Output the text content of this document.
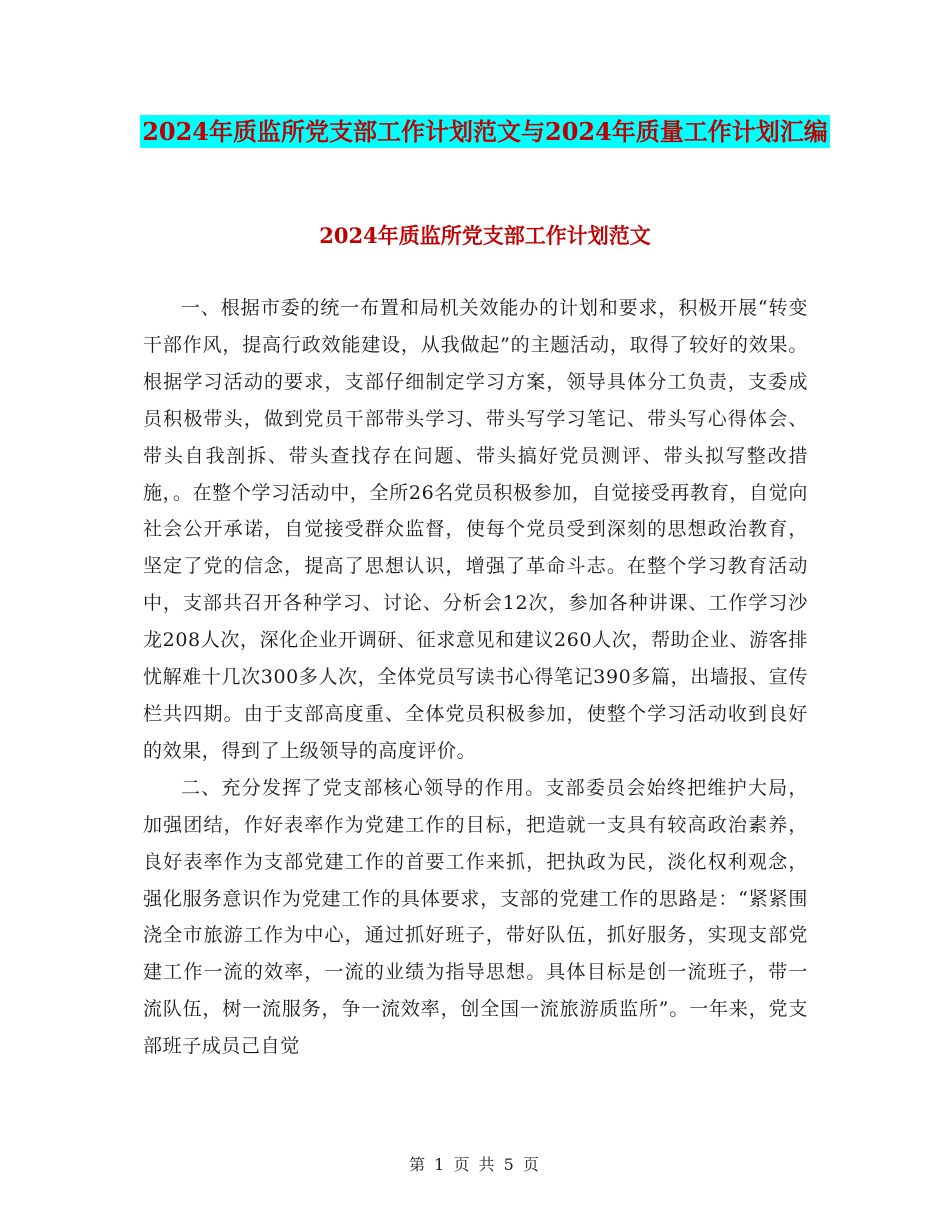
2024年质监所党支部工作计划范文与2024年质量工作计划汇编
2024年质监所党支部工作计划范文

一、根据市委的统一布置和局机关效能办的计划和要求，积极开展“转变干部作风，提高行政效能建设，从我做起”的主题活动，取得了较好的效果。根据学习活动的要求，支部仔细制定学习方案，领导具体分工负责，支委成员积极带头，做到党员干部带头学习、带头写学习笔记、带头写心得体会、带头自我剖拆、带头查找存在问题、带头搞好党员测评、带头拟写整改措施，。在整个学习活动中，全所26名党员积极参加，自觉接受再教育，自觉向社会公开承诺，自觉接受群众监督，使每个党员受到深刻的思想政治教育，坚定了党的信念，提高了思想认识，增强了革命斗志。在整个学习教育活动中，支部共召开各种学习、讨论、分析会12次，参加各种讲课、工作学习沙龙208人次，深化企业开调研、征求意见和建议260人次，帮助企业、游客排忧解难十几次300多人次，全体党员写读书心得笔记390多篇，出墙报、宣传栏共四期。由于支部高度重、全体党员积极参加，使整个学习活动收到良好的效果，得到了上级领导的高度评价。

二、充分发挥了党支部核心领导的作用。支部委员会始终把维护大局，加强团结，作好表率作为党建工作的目标，把造就一支具有较高政治素养，良好表率作为支部党建工作的首要工作来抓，把执政为民，淡化权利观念，强化服务意识作为党建工作的具体要求，支部的党建工作的思路是：“紧紧围浇全市旅游工作为中心，通过抓好班子，带好队伍，抓好服务，实现支部党建工作一流的效率，一流的业绩为指导思想。具体目标是创一流班子，带一流队伍，树一流服务，争一流效率，创全国一流旅游质监所”。一年来，党支部班子成员己自觉

第 1 页 共 5 页
